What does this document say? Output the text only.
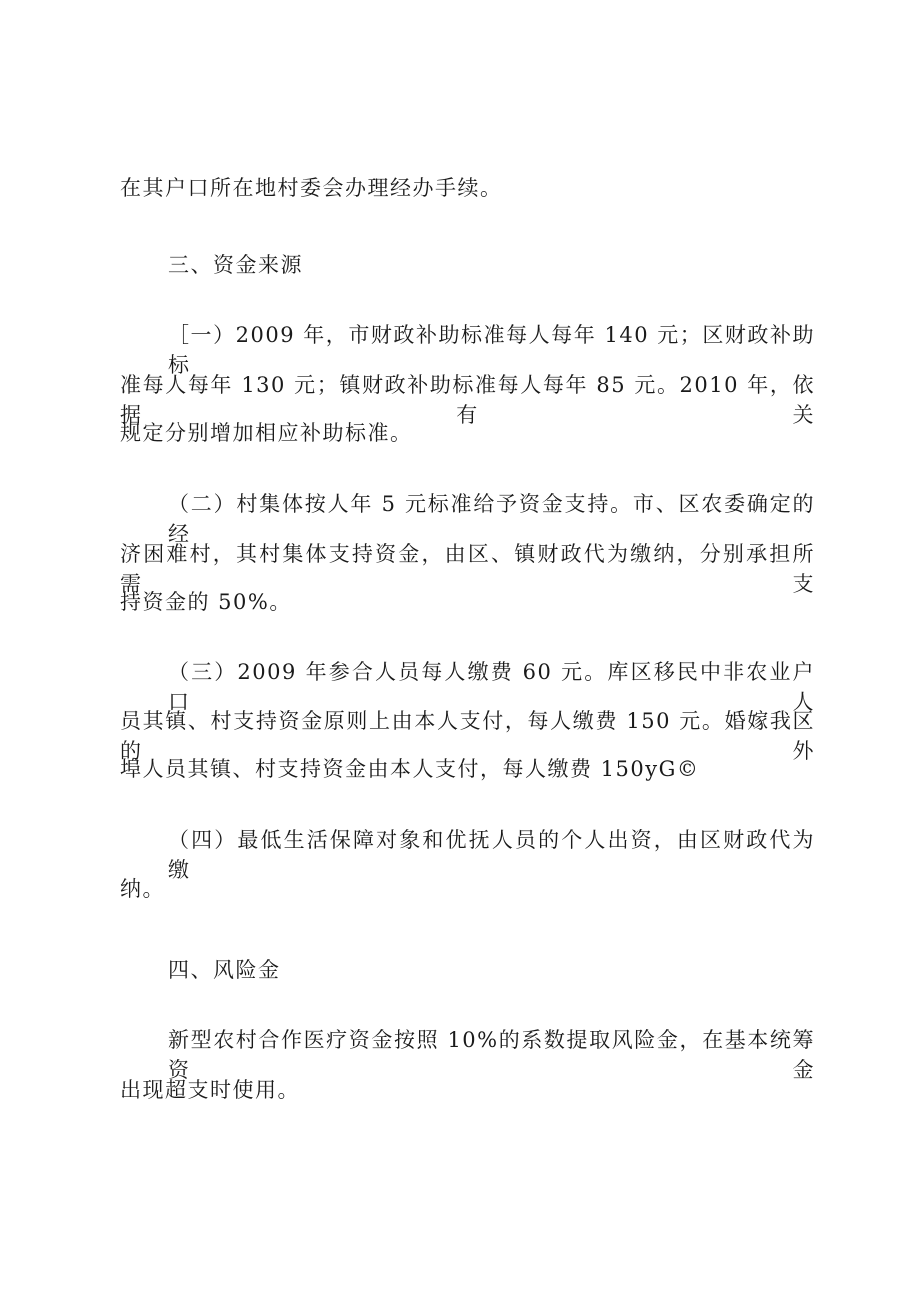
在其户口所在地村委会办理经办手续。
三、资金来源
［一）2009 年，市财政补助标准每人每年 140 元；区财政补助标
准每人每年 130 元；镇财政补助标准每人每年 85 元。2010 年，依据有关
规定分别增加相应补助标准。
（二）村集体按人年 5 元标准给予资金支持。市、区农委确定的经
济困难村，其村集体支持资金，由区、镇财政代为缴纳，分别承担所需支
持资金的 50%。
（三）2009 年参合人员每人缴费 60 元。库区移民中非农业户口人
员其镇、村支持资金原则上由本人支付，每人缴费 150 元。婚嫁我区的外
埠人员其镇、村支持资金由本人支付，每人缴费 150yG©
（四）最低生活保障对象和优抚人员的个人出资，由区财政代为缴
纳。
四、风险金
新型农村合作医疗资金按照 10%的系数提取风险金，在基本统筹资金
出现超支时使用。
